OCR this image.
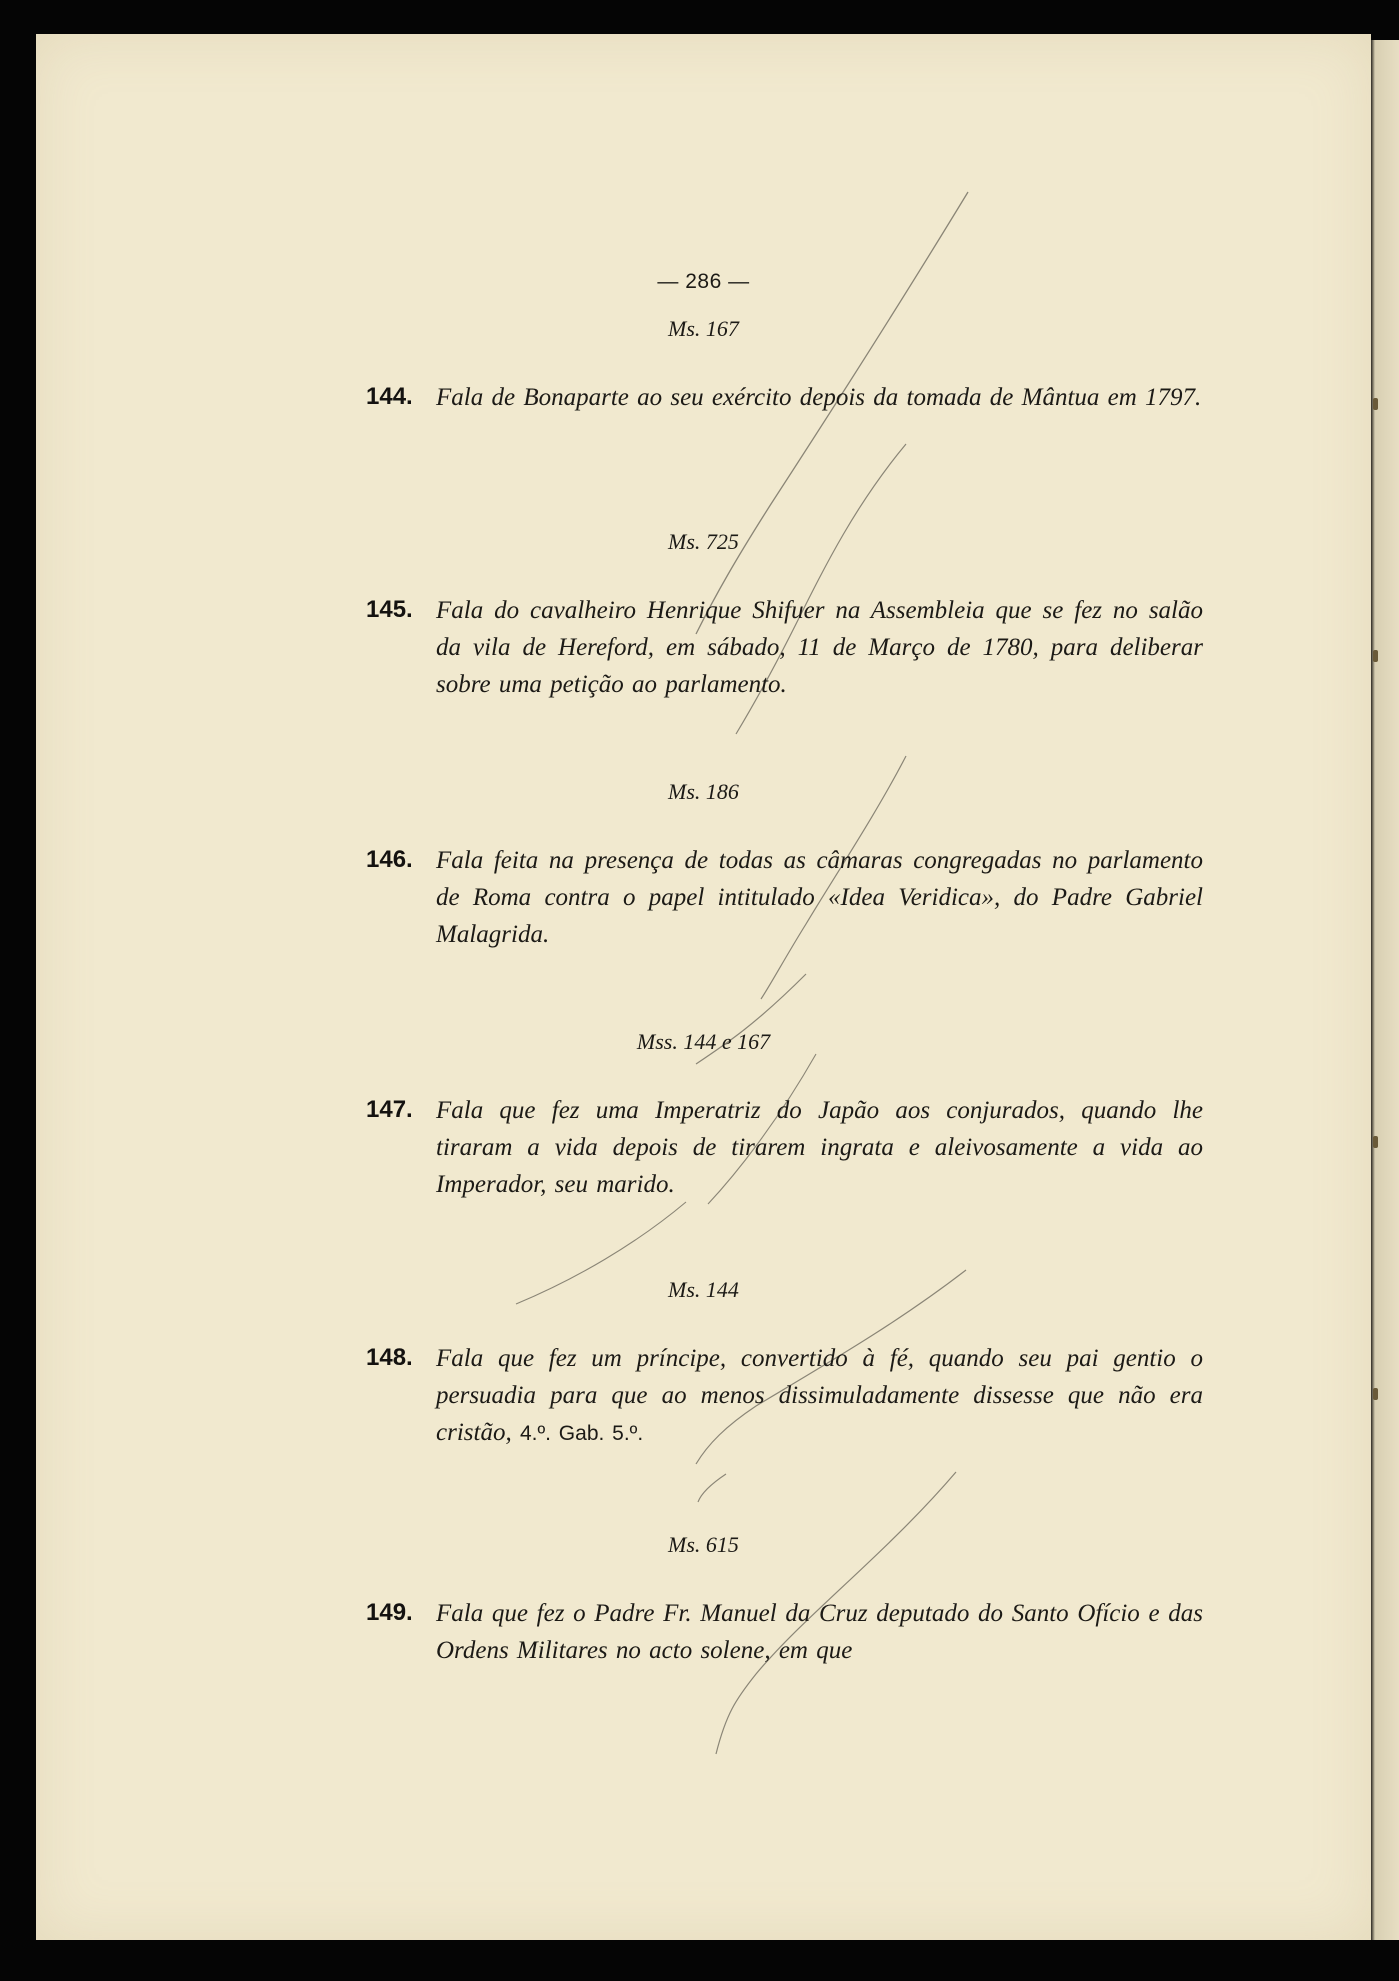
— 286 —
Ms. 167
144. Fala de Bonaparte ao seu exército depois da tomada de Mântua em 1797.
Ms. 725
145. Fala do cavalheiro Henrique Shifuer na Assembleia que se fez no salão da vila de Hereford, em sábado, 11 de Março de 1780, para deliberar sobre uma petição ao parlamento.
Ms. 186
146. Fala feita na presença de todas as câmaras congregadas no parlamento de Roma contra o papel intitulado «Idea Veridica», do Padre Gabriel Malagrida.
Mss. 144 e 167
147. Fala que fez uma Imperatriz do Japão aos conjurados, quando lhe tiraram a vida depois de tirarem ingrata e aleivosamente a vida ao Imperador, seu marido.
Ms. 144
148. Fala que fez um príncipe, convertido à fé, quando seu pai gentio o persuadia para que ao menos dissimuladamente dissesse que não era cristão, 4.º. Gab. 5.º.
Ms. 615
149. Fala que fez o Padre Fr. Manuel da Cruz deputado do Santo Ofício e das Ordens Militares no acto solene, em que
